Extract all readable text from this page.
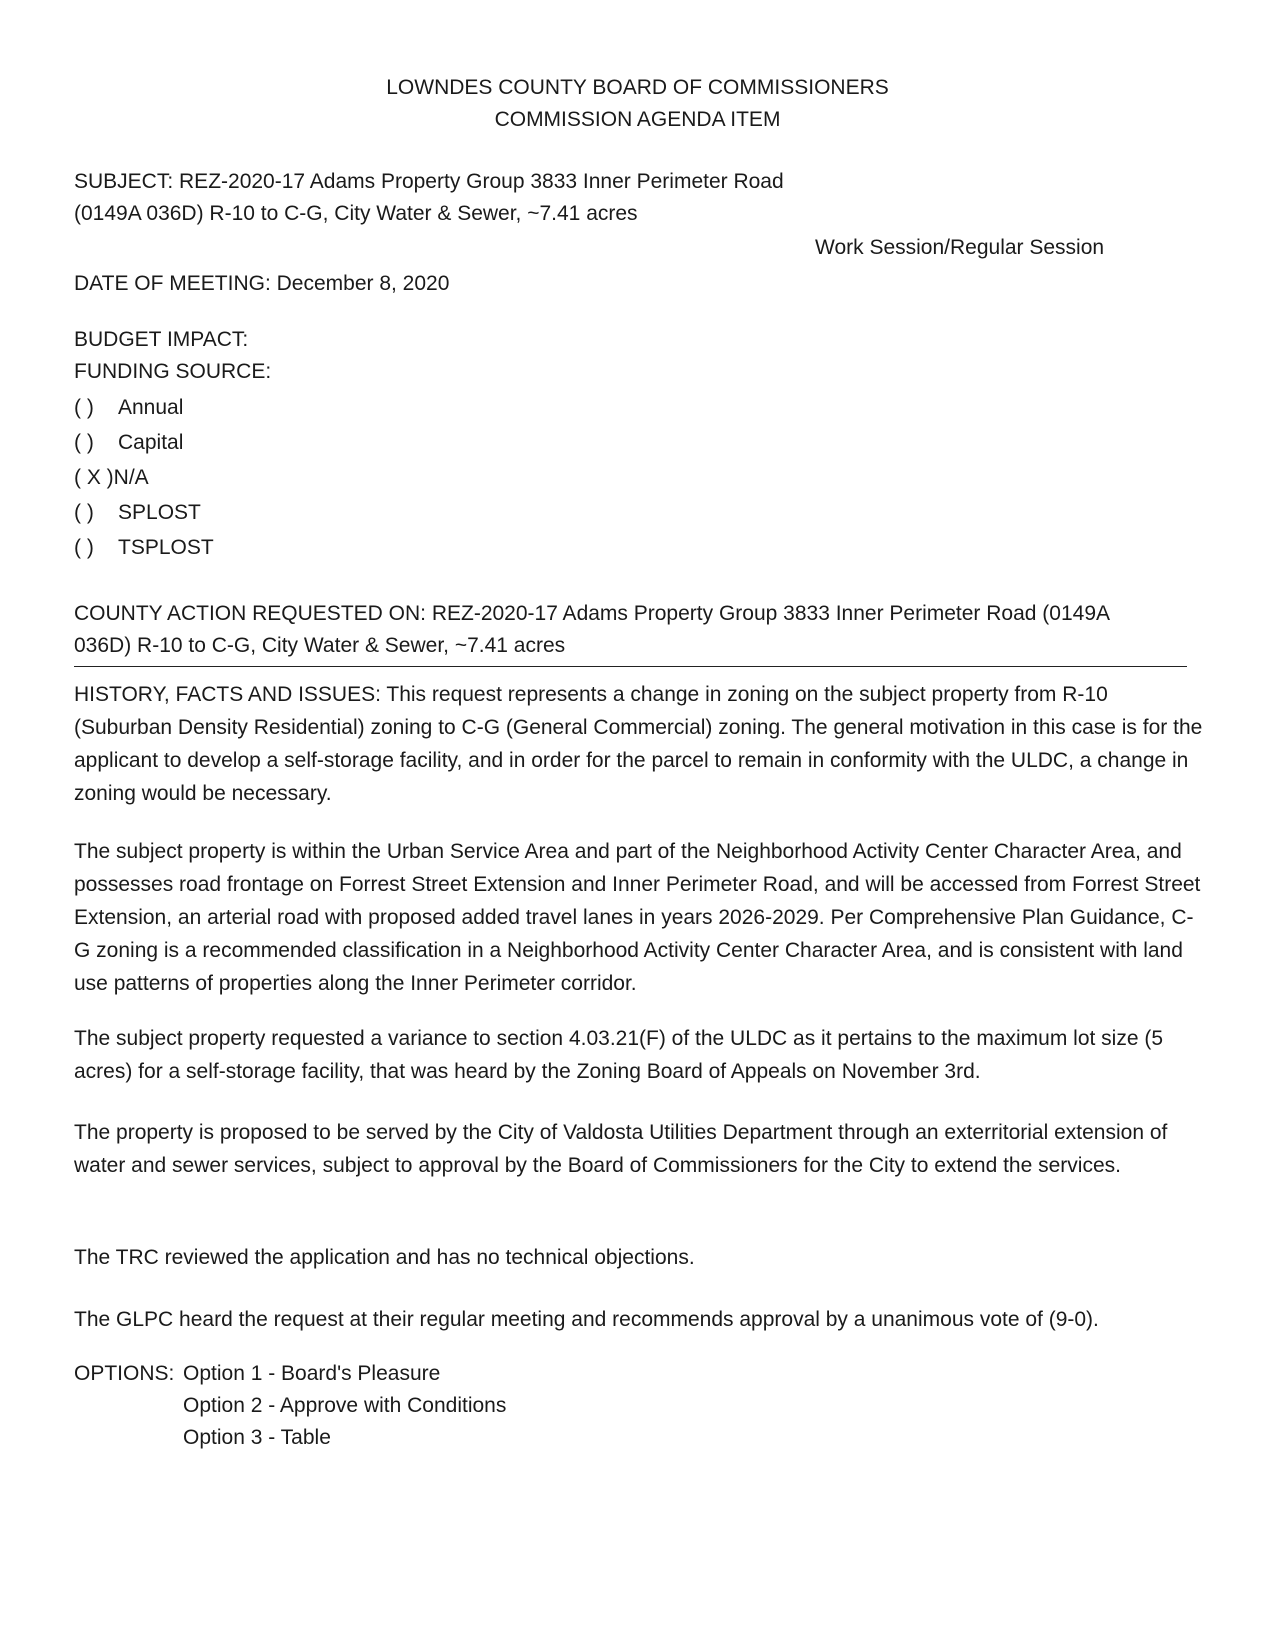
LOWNDES COUNTY BOARD OF COMMISSIONERS
COMMISSION AGENDA ITEM
SUBJECT: REZ-2020-17 Adams Property Group 3833 Inner Perimeter Road
(0149A 036D) R-10 to C-G, City Water & Sewer, ~7.41 acres
Work Session/Regular Session
DATE OF MEETING: December 8, 2020
BUDGET IMPACT:
FUNDING SOURCE:
( ) Annual
( ) Capital
( X )N/A
( ) SPLOST
( ) TSPLOST
COUNTY ACTION REQUESTED ON: REZ-2020-17 Adams Property Group 3833 Inner Perimeter Road (0149A
036D) R-10 to C-G, City Water & Sewer, ~7.41 acres
HISTORY, FACTS AND ISSUES: This request represents a change in zoning on the subject property from R-10 (Suburban Density Residential) zoning to C-G (General Commercial) zoning. The general motivation in this case is for the applicant to develop a self-storage facility, and in order for the parcel to remain in conformity with the ULDC, a change in zoning would be necessary.
The subject property is within the Urban Service Area and part of the Neighborhood Activity Center Character Area, and possesses road frontage on Forrest Street Extension and Inner Perimeter Road, and will be accessed from Forrest Street Extension, an arterial road with proposed added travel lanes in years 2026-2029. Per Comprehensive Plan Guidance, C-G zoning is a recommended classification in a Neighborhood Activity Center Character Area, and is consistent with land use patterns of properties along the Inner Perimeter corridor.
The subject property requested a variance to section 4.03.21(F) of the ULDC as it pertains to the maximum lot size (5 acres) for a self-storage facility, that was heard by the Zoning Board of Appeals on November 3rd.
The property is proposed to be served by the City of Valdosta Utilities Department through an exterritorial extension of water and sewer services, subject to approval by the Board of Commissioners for the City to extend the services.
The TRC reviewed the application and has no technical objections.
The GLPC heard the request at their regular meeting and recommends approval by a unanimous vote of (9-0).
OPTIONS: Option 1 - Board's Pleasure
Option 2 - Approve with Conditions
Option 3 - Table
